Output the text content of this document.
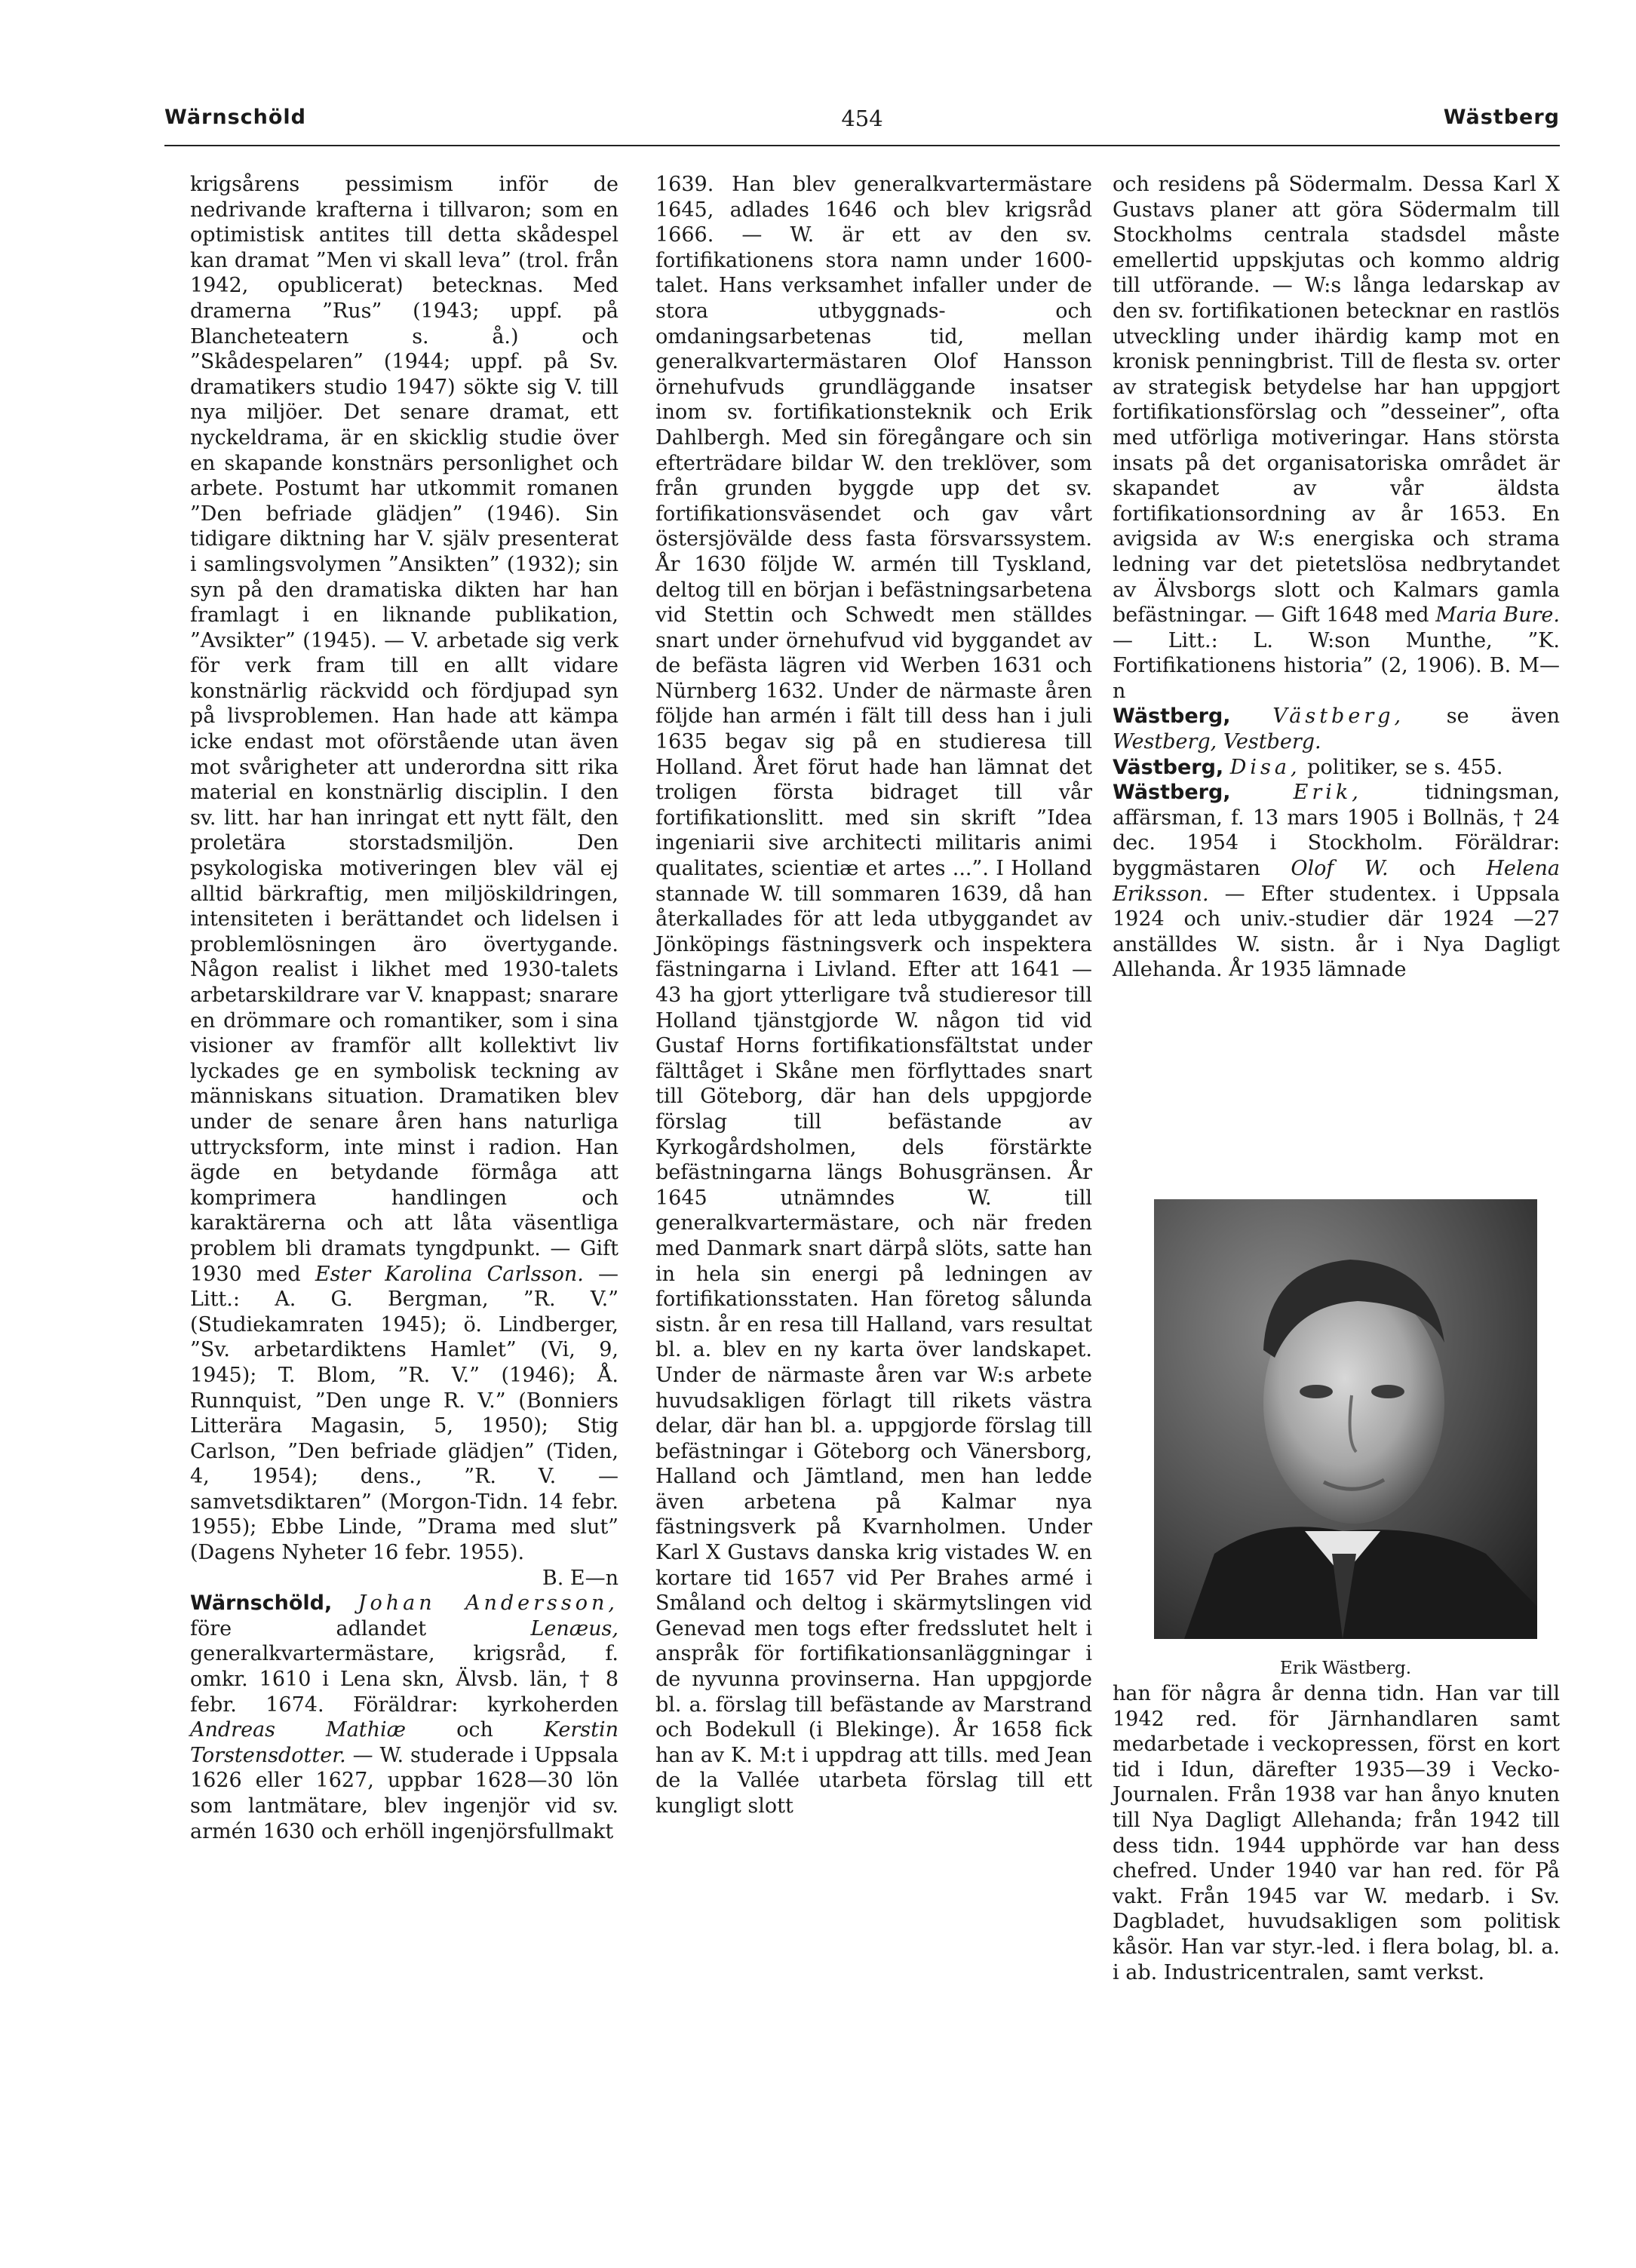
Wärnschöld	454	Wästberg

krigsårens pessimism inför de nedrivande krafterna i tillvaron; som en optimistisk antites till detta skådespel kan dramat ”Men vi skall leva” (trol. från 1942, opublicerat) betecknas. Med dramerna ”Rus” (1943; uppf. på Blancheteatern s. å.) och ”Skådespelaren” (1944; uppf. på Sv. dramatikers studio 1947) sökte sig V. till nya miljöer. Det senare dramat, ett nyckeldrama, är en skicklig studie över en skapande konstnärs personlighet och arbete. Postumt har utkommit romanen ”Den befriade glädjen” (1946). Sin tidigare diktning har V. själv presenterat i samlingsvolymen ”Ansikten” (1932); sin syn på den dramatiska dikten har han framlagt i en liknande publikation, ”Avsikter” (1945). — V. arbetade sig verk för verk fram till en allt vidare konstnärlig räckvidd och fördjupad syn på livsproblemen. Han hade att kämpa icke endast mot oförstående utan även mot svårigheter att underordna sitt rika material en konstnärlig disciplin. I den sv. litt. har han inringat ett nytt fält, den proletära storstadsmiljön. Den psykologiska motiveringen blev väl ej alltid bärkraftig, men miljöskildringen, intensiteten i berättandet och lidelsen i problemlösningen äro övertygande. Någon realist i likhet med 1930-talets arbetarskildrare var V. knappast; snarare en drömmare och romantiker, som i sina visioner av framför allt kollektivt liv lyckades ge en symbolisk teckning av människans situation. Dramatiken blev under de senare åren hans naturliga uttrycksform, inte minst i radion. Han ägde en betydande förmåga att komprimera handlingen och karaktärerna och att låta väsentliga problem bli dramats tyngdpunkt. — Gift 1930 med Ester Karolina Carlsson. — Litt.: A. G. Bergman, ”R. V.” (Studiekamraten 1945); ö. Lindberger, ”Sv. arbetardiktens Hamlet” (Vi, 9, 1945); T. Blom, ”R. V.” (1946); Å. Runnquist, ”Den unge R. V.” (Bonniers Litterära Magasin, 5, 1950); Stig Carlson, ”Den befriade glädjen” (Tiden, 4, 1954); dens., ”R. V. — samvetsdiktaren” (Morgon-Tidn. 14 febr. 1955); Ebbe Linde, ”Drama med slut” (Dagens Nyheter 16 febr. 1955).

B. E—n

Wärnschöld, Johan Andersson, före adlandet	Lenæus, generalkvartermästare, krigsråd, f. omkr. 1610 i Lena skn, Älvsb. län, † 8 febr. 1674. Föräldrar: kyrkoherden Andreas Mathiæ och Kerstin Torstensdotter. — W. studerade i Uppsala 1626 eller 1627, uppbar 1628—30 lön som lantmätare, blev ingenjör vid sv. armén 1630 och erhöll ingenjörsfullmakt

1639. Han blev generalkvartermästare 1645, adlades 1646 och blev krigsråd 1666. — W. är ett av den sv. fortifikationens stora namn under 1600-talet. Hans verksamhet infaller under de stora utbyggnads- och omdaningsarbetenas tid, mellan generalkvartermästaren Olof Hansson örnehufvuds grundläggande insatser inom sv. fortifikationsteknik och Erik Dahlbergh. Med sin föregångare och sin efterträdare bildar W. den treklöver, som från grunden byggde upp det sv. fortifikationsväsendet och gav vårt östersjövälde dess fasta försvarssystem. År 1630 följde W. armén till Tyskland, deltog till en början i befästningsarbetena vid Stettin och Schwedt men ställdes snart under örnehufvud vid byggandet av de befästa lägren vid Werben 1631 och Nürnberg 1632. Under de närmaste åren följde han armén i fält till dess han i juli 1635 begav sig på en studieresa till Holland. Året förut hade han lämnat det troligen första bidraget till vår fortifikationslitt. med sin skrift ”Idea ingeniarii sive architecti militaris animi qualitates, scientiæ et artes ...”. I Holland stannade W. till sommaren 1639, då han återkallades för att leda utbyggandet av Jönköpings fästningsverk och inspektera fästningarna i Livland. Efter att 1641 —43 ha gjort ytterligare två studieresor till Holland tjänstgjorde W. någon tid vid Gustaf Horns fortifikationsfältstat under fälttåget i Skåne men förflyttades snart till Göteborg, där han dels uppgjorde förslag till befästande av Kyrkogårdsholmen, dels förstärkte befästningarna längs Bohusgränsen. År 1645 utnämndes W. till generalkvartermästare, och när freden med Danmark snart därpå slöts, satte han in hela sin energi på ledningen av fortifikationsstaten. Han företog sålunda sistn. år en resa till Halland, vars resultat bl. a. blev en ny karta över landskapet. Under de närmaste åren var W:s arbete huvudsakligen förlagt till rikets västra delar, där han bl. a. uppgjorde förslag till befästningar i Göteborg och Vänersborg, Halland och Jämtland, men han ledde även arbetena på Kalmar nya fästningsverk på Kvarnholmen. Under Karl X Gustavs danska krig vistades W. en kortare tid 1657 vid Per Brahes armé i Småland och deltog i skärmytslingen vid Genevad men togs efter fredsslutet helt i anspråk för fortifikationsanläggningar i de nyvunna provinserna. Han uppgjorde bl. a. förslag till befästande av Marstrand och Bodekull (i Blekinge). År 1658 fick han av K. M:t i uppdrag att tills. med Jean de la Vallée utarbeta förslag till ett kungligt slott

och residens på Södermalm. Dessa Karl X Gustavs planer att göra Södermalm till Stockholms centrala stadsdel måste emellertid uppskjutas och kommo aldrig till utförande. — W:s långa ledarskap av den sv. fortifikationen betecknar en rastlös utveckling under ihärdig kamp mot en kronisk penningbrist. Till de flesta sv. orter av strategisk betydelse har han uppgjort fortifikationsförslag och ”desseiner”, ofta med utförliga motiveringar. Hans största insats på det organisatoriska området är skapandet av vår äldsta fortifikationsordning av år 1653. En avigsida av W:s energiska och strama ledning var det pietetslösa nedbrytandet av Älvsborgs slott och Kalmars gamla befästningar. — Gift 1648 med Maria Bure. — Litt.: L. W:son Munthe, ”K. Fortifikationens historia” (2, 1906). B. M—n

Wästberg, Västberg, se även Westberg, Vestberg.

Västberg, Disa, politiker, se s. 455.

Wästberg,	Erik,	tidningsman, affärsman, f. 13 mars 1905 i Bollnäs, † 24 dec. 1954 i Stockholm. Föräldrar: byggmästaren Olof W. och Helena Eriksson. — Efter studentex. i Uppsala 1924 och univ.-studier där 1924 —27 anställdes W. sistn. år i Nya Dagligt Allehanda. År 1935 lämnade

Erik Wästberg.

han för några år denna tidn. Han var till 1942 red. för Järnhandlaren samt medarbetade i veckopressen, först en kort tid i Idun, därefter 1935—39 i Vecko-Journalen. Från 1938 var han ånyo knuten till Nya Dagligt Allehanda; från 1942 till dess tidn. 1944 upphörde var han dess chefred. Under 1940 var han red. för På vakt. Från 1945 var W. medarb. i Sv. Dagbladet, huvudsakligen som politisk kåsör. Han var styr.-led. i flera bolag, bl. a. i ab. Industricentralen, samt verkst.
